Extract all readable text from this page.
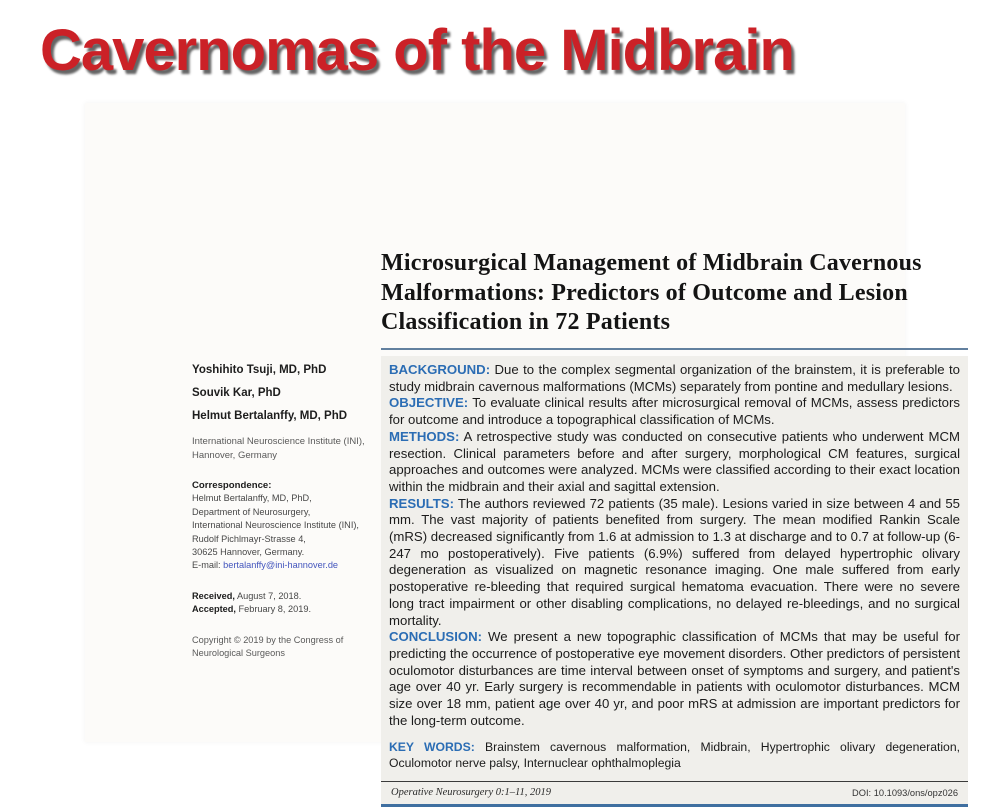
Cavernomas of the Midbrain
Microsurgical Management of Midbrain Cavernous Malformations: Predictors of Outcome and Lesion Classification in 72 Patients
Yoshihito Tsuji, MD, PhD
Souvik Kar, PhD
Helmut Bertalanffy, MD, PhD
International Neuroscience Institute (INI), Hannover, Germany
Correspondence:
Helmut Bertalanffy, MD, PhD,
Department of Neurosurgery,
International Neuroscience Institute (INI),
Rudolf Pichlmayr-Strasse 4,
30625 Hannover, Germany.
E-mail: bertalanffy@ini-hannover.de
Received, August 7, 2018.
Accepted, February 8, 2019.
Copyright © 2019 by the Congress of Neurological Surgeons

BACKGROUND: Due to the complex segmental organization of the brainstem, it is preferable to study midbrain cavernous malformations (MCMs) separately from pontine and medullary lesions.

OBJECTIVE: To evaluate clinical results after microsurgical removal of MCMs, assess predictors for outcome and introduce a topographical classification of MCMs.

METHODS: A retrospective study was conducted on consecutive patients who underwent MCM resection. Clinical parameters before and after surgery, morphological CM features, surgical approaches and outcomes were analyzed. MCMs were classified according to their exact location within the midbrain and their axial and sagittal extension.

RESULTS: The authors reviewed 72 patients (35 male). Lesions varied in size between 4 and 55 mm. The vast majority of patients benefited from surgery. The mean modified Rankin Scale (mRS) decreased significantly from 1.6 at admission to 1.3 at discharge and to 0.7 at follow-up (6-247 mo postoperatively). Five patients (6.9%) suffered from delayed hypertrophic olivary degeneration as visualized on magnetic resonance imaging. One male suffered from early postoperative re-bleeding that required surgical hematoma evacuation. There were no severe long tract impairment or other disabling complications, no delayed re-bleedings, and no surgical mortality.

CONCLUSION: We present a new topographic classification of MCMs that may be useful for predicting the occurrence of postoperative eye movement disorders. Other predictors of persistent oculomotor disturbances are time interval between onset of symptoms and surgery, and patient's age over 40 yr. Early surgery is recommendable in patients with oculomotor disturbances. MCM size over 18 mm, patient age over 40 yr, and poor mRS at admission are important predictors for the long-term outcome.

KEY WORDS: Brainstem cavernous malformation, Midbrain, Hypertrophic olivary degeneration, Oculomotor nerve palsy, Internuclear ophthalmoplegia

Operative Neurosurgery 0:1–11, 2019	DOI: 10.1093/ons/opz026
